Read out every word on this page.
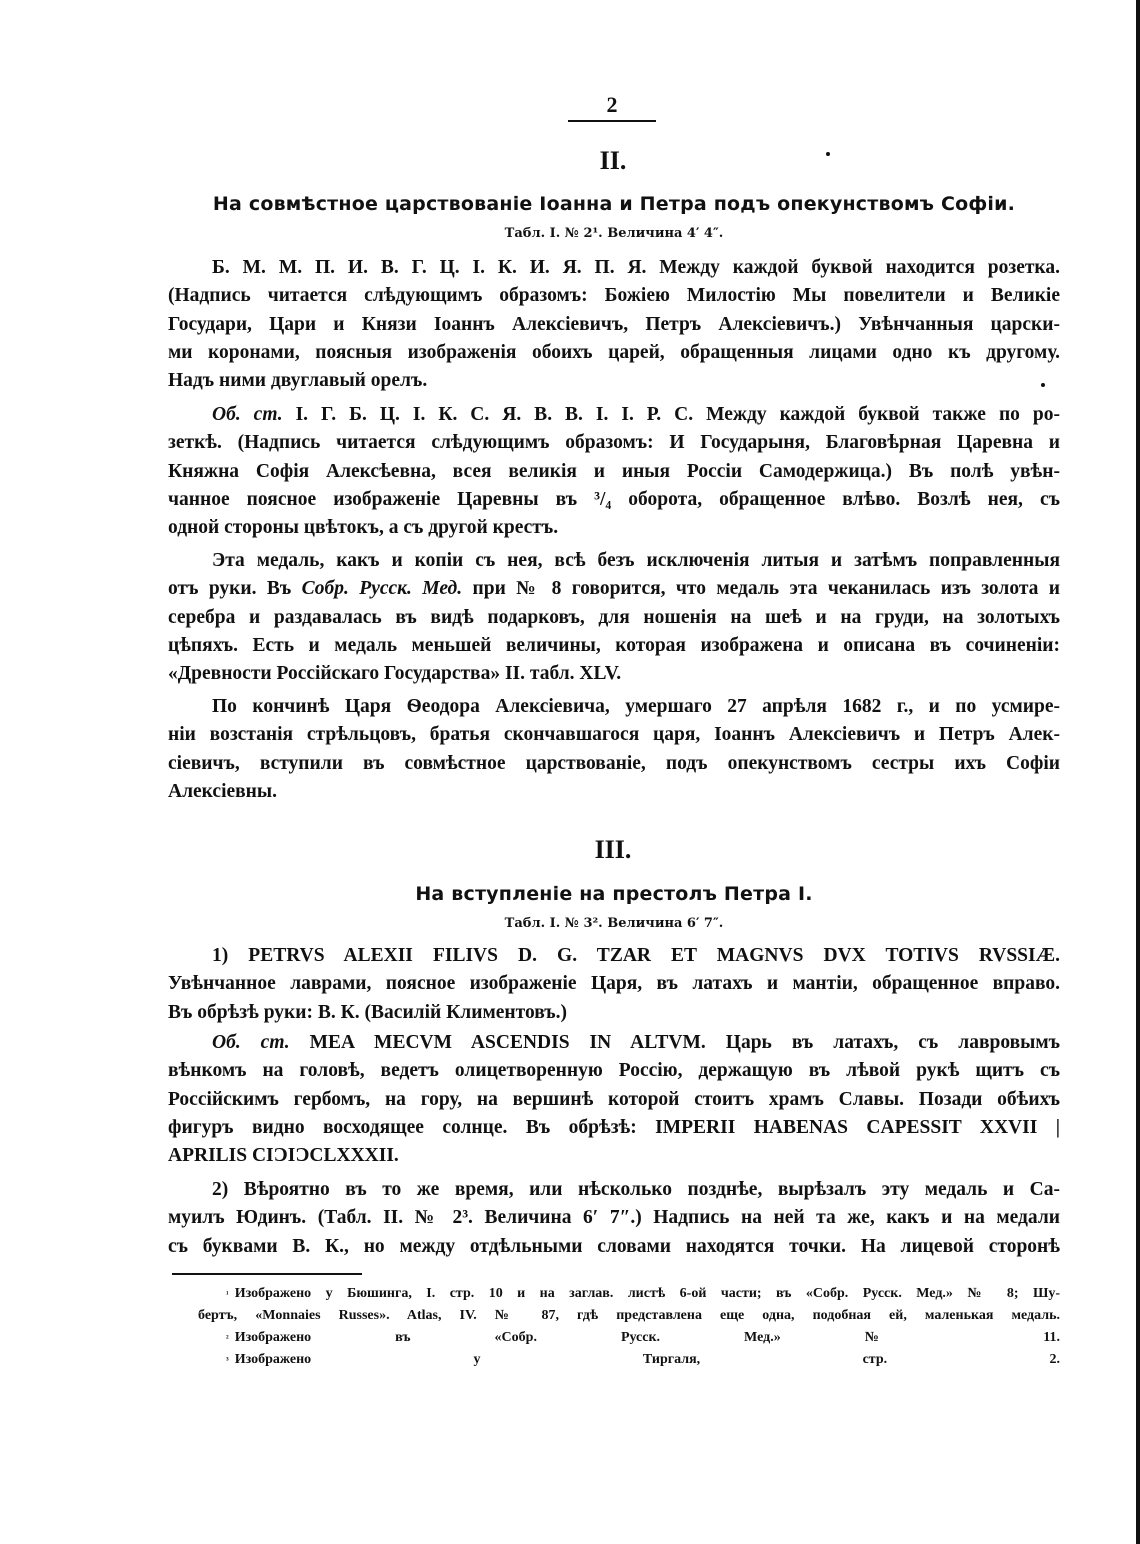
2
II.
На совмѣстное царствованіе Іоанна и Петра подъ опекунствомъ Софіи.
Табл. I. № 2¹. Величина 4′ 4″.
Б. М. М. П. И. В. Г. Ц. І. К. И. Я. П. Я. Между каждой буквой находится розетка.
(Надпись читается слѣдующимъ образомъ: Божіею Милостію Мы повелители и Великіе
Государи, Цари и Князи Іоаннъ Алексіевичъ, Петръ Алексіевичъ.) Увѣнчанныя царски-
ми коронами, поясныя изображенія обоихъ царей, обращенныя лицами одно къ другому.
Надъ ними двуглавый орелъ.
Об. ст. І. Г. Б. Ц. І. К. С. Я. В. В. І. І. Р. С. Между каждой буквой также по ро-
зеткѣ. (Надпись читается слѣдующимъ образомъ: И Государыня, Благовѣрная Царевна и
Княжна Софія Алексѣевна, всея великія и иныя Россіи Самодержица.) Въ полѣ увѣн-
чанное поясное изображеніе Царевны въ ³/₄ оборота, обращенное влѣво. Возлѣ нея, съ
одной стороны цвѣтокъ, а съ другой крестъ.
Эта медаль, какъ и копіи съ нея, всѣ безъ исключенія литыя и затѣмъ поправленныя
отъ руки. Въ Собр. Русск. Мед. при № 8 говорится, что медаль эта чеканилась изъ золота и
серебра и раздавалась въ видѣ подарковъ, для ношенія на шеѣ и на груди, на золотыхъ
цѣпяхъ. Есть и медаль меньшей величины, которая изображена и описана въ сочиненіи:
«Древности Россійскаго Государства» II. табл. XLV.
По кончинѣ Царя Ѳеодора Алексіевича, умершаго 27 апрѣля 1682 г., и по усмире-
ніи возстанія стрѣльцовъ, братья скончавшагося царя, Іоаннъ Алексіевичъ и Петръ Алек-
сіевичъ, вступили въ совмѣстное царствованіе, подъ опекунствомъ сестры ихъ Софіи
Алексіевны.
III.
На вступленіе на престолъ Петра I.
Табл. I. № 3². Величина 6′ 7″.
1) PETRVS ALEXII FILIVS D. G. TZAR ET MAGNVS DVX TOTIVS RVSSIÆ.
Увѣнчанное лаврами, поясное изображеніе Царя, въ латахъ и мантіи, обращенное вправо.
Въ обрѣзѣ руки: В. К. (Василій Климентовъ.)
Об. ст. MEA MECVM ASCENDIS IN ALTVM. Царь въ латахъ, съ лавровымъ
вѣнкомъ на головѣ, ведетъ олицетворенную Россію, держащую въ лѣвой рукѣ щитъ съ
Россійскимъ гербомъ, на гору, на вершинѣ которой стоитъ храмъ Славы. Позади обѣихъ
фигуръ видно восходящее солнце. Въ обрѣзѣ: IMPERII HABENAS CAPESSIT XXVII |
APRILIS CIƆIƆCLXXXII.
2) Вѣроятно въ то же время, или нѣсколько позднѣе, вырѣзалъ эту медаль и Са-
муилъ Юдинъ. (Табл. II. № 2³. Величина 6′ 7″.) Надпись на ней та же, какъ и на медали
съ буквами В. К., но между отдѣльными словами находятся точки. На лицевой сторонѣ
$^{^1}$ Изображено у Бюшинга, I. стр. 10 и на заглав. листѣ 6-ой части; въ «Собр. Русск. Мед.» № 8; Шу-
бертъ, «Monnaies Russes». Atlas, IV. № 87, гдѣ представлена еще одна, подобная ей, маленькая медаль.
$^{^2}$ Изображено въ «Собр. Русск. Мед.» № 11.
$^{^3}$ Изображено у Тиргаля, стр. 2.
